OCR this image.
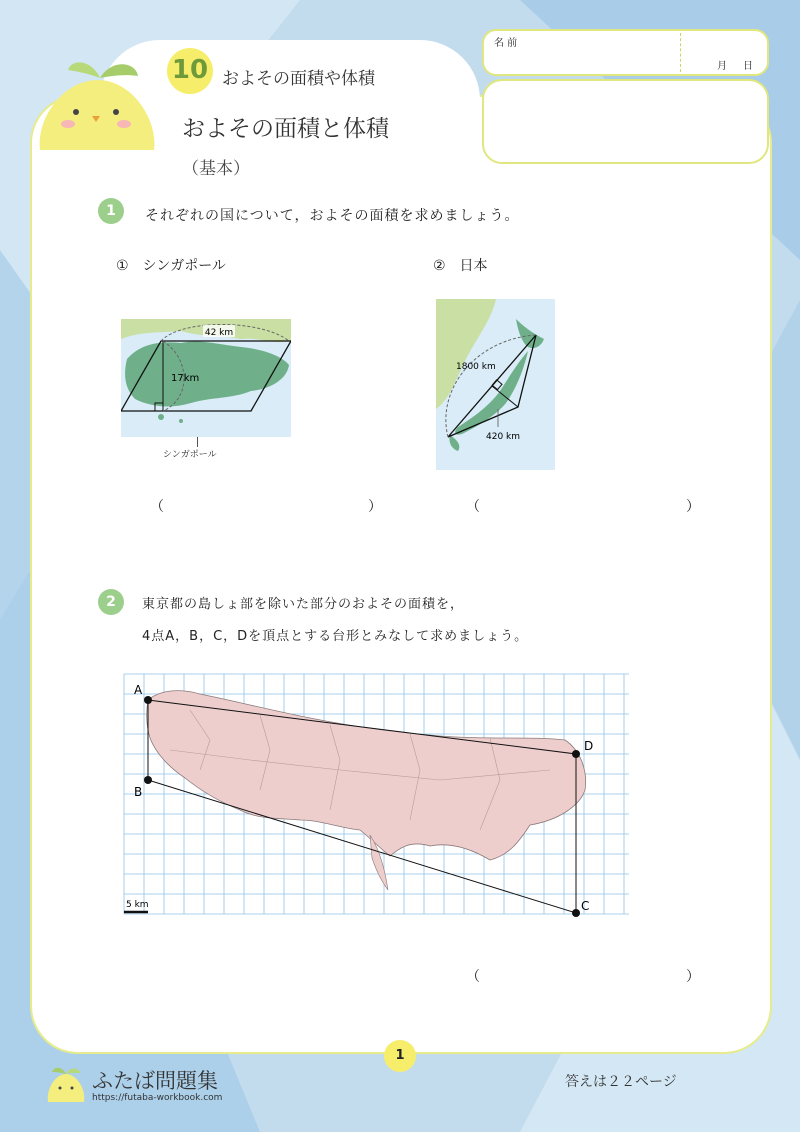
10 およその面積や体積
およその面積と体積
（基本）
名 前
月 日
1	それぞれの国について，およその面積を求めましょう。
①　シンガポール	②　日本
42 km
17km
シンガポール
1800 km
420 km
（	）	（	）
2	東京都の島しょ部を除いた部分のおよその面積を，
4点A，B，C，Dを頂点とする台形とみなして求めましょう。
A
B
C
D
5 km
（	）
1
ふたば問題集
https://futaba-workbook.com
答えは２２ページ
